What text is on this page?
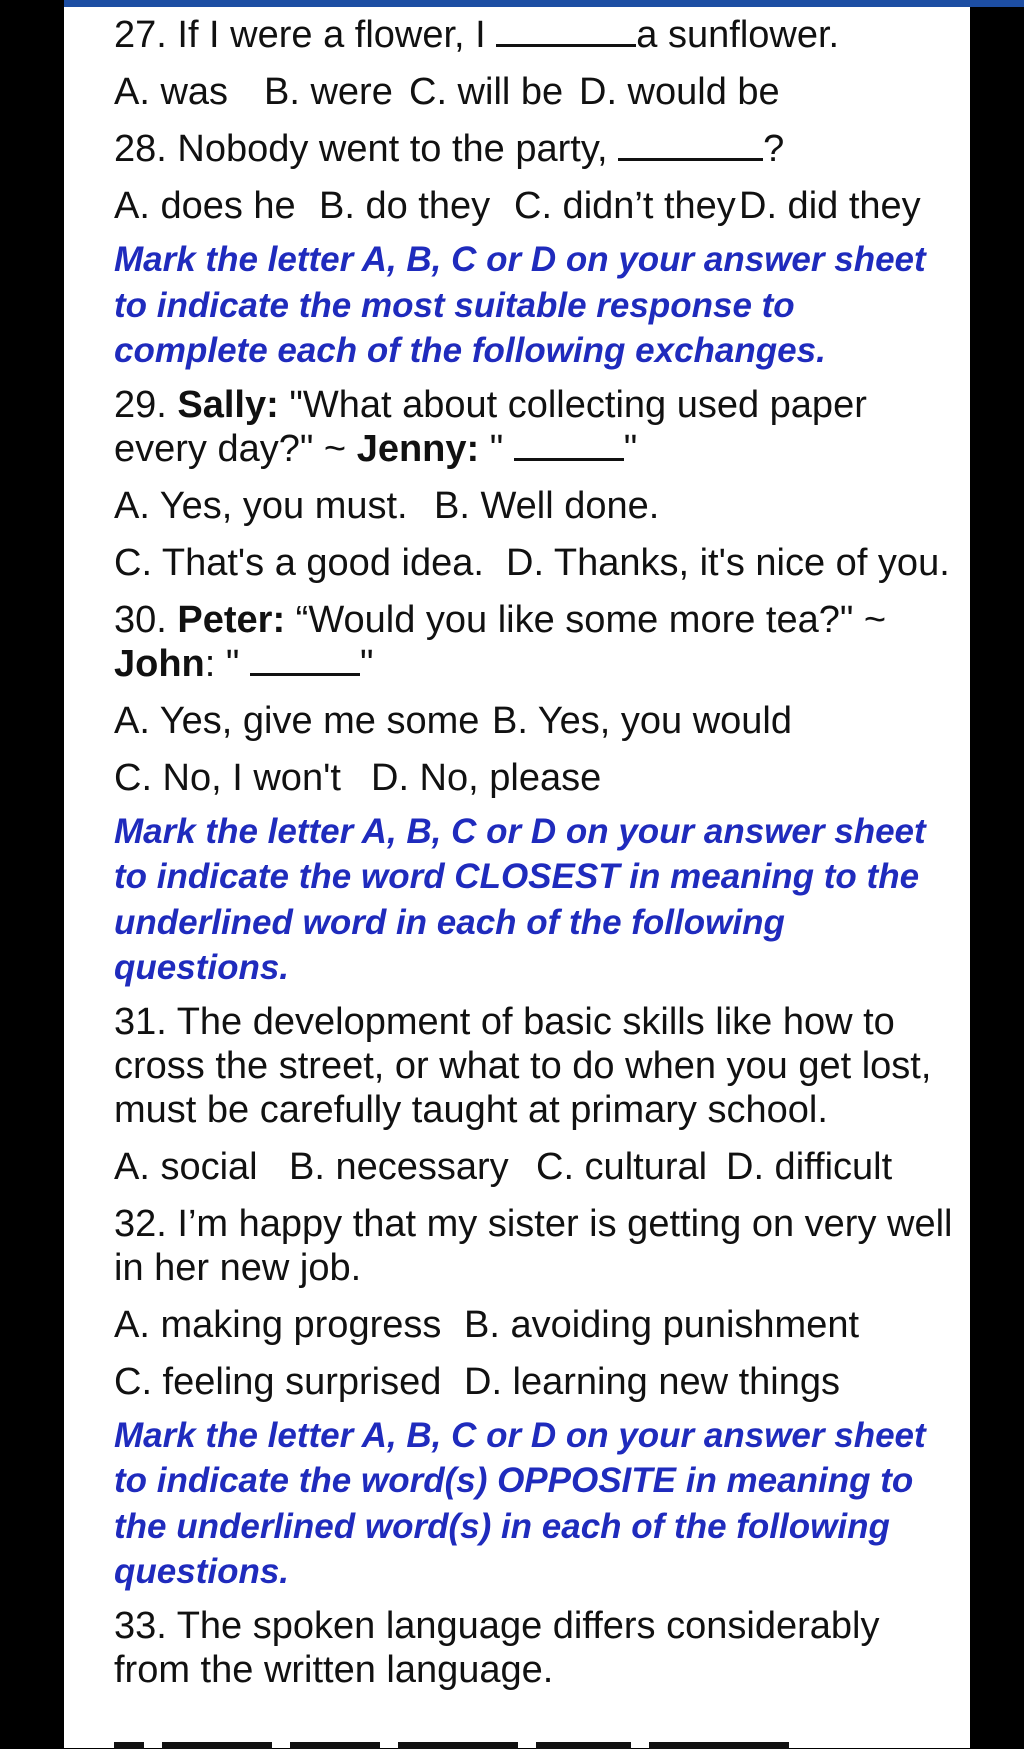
27. If I were a flower, I	a sunflower.
A. was B. were C. will be D. would be
28. Nobody went to the party,	?
A. does he B. do they C. didn’t theyD. did they
Mark the letter A, B, C or D on your answer sheet
to indicate the most suitable response to
complete each of the following exchanges.
29. Sally: "What about collecting used paper
every day?" ~ Jenny: "	"
A. Yes, you must. B. Well done.
C. That's a good idea. D. Thanks, it's nice of you.
30. Peter: “Would you like some more tea?" ~
John: "	"
A. Yes, give me some B. Yes, you would
C. No, I won't D. No, please
Mark the letter A, B, C or D on your answer sheet
to indicate the word CLOSEST in meaning to the
underlined word in each of the following
questions.
31. The development of basic skills like how to
cross the street, or what to do when you get lost,
must be carefully taught at primary school.
A. social B. necessary C. cultural D. difficult
32. I’m happy that my sister is getting on very well
in her new job.
A. making progress B. avoiding punishment
C. feeling surprised D. learning new things
Mark the letter A, B, C or D on your answer sheet
to indicate the word(s) OPPOSITE in meaning to
the underlined word(s) in each of the following
questions.
33. The spoken language differs considerably
from the written language.
